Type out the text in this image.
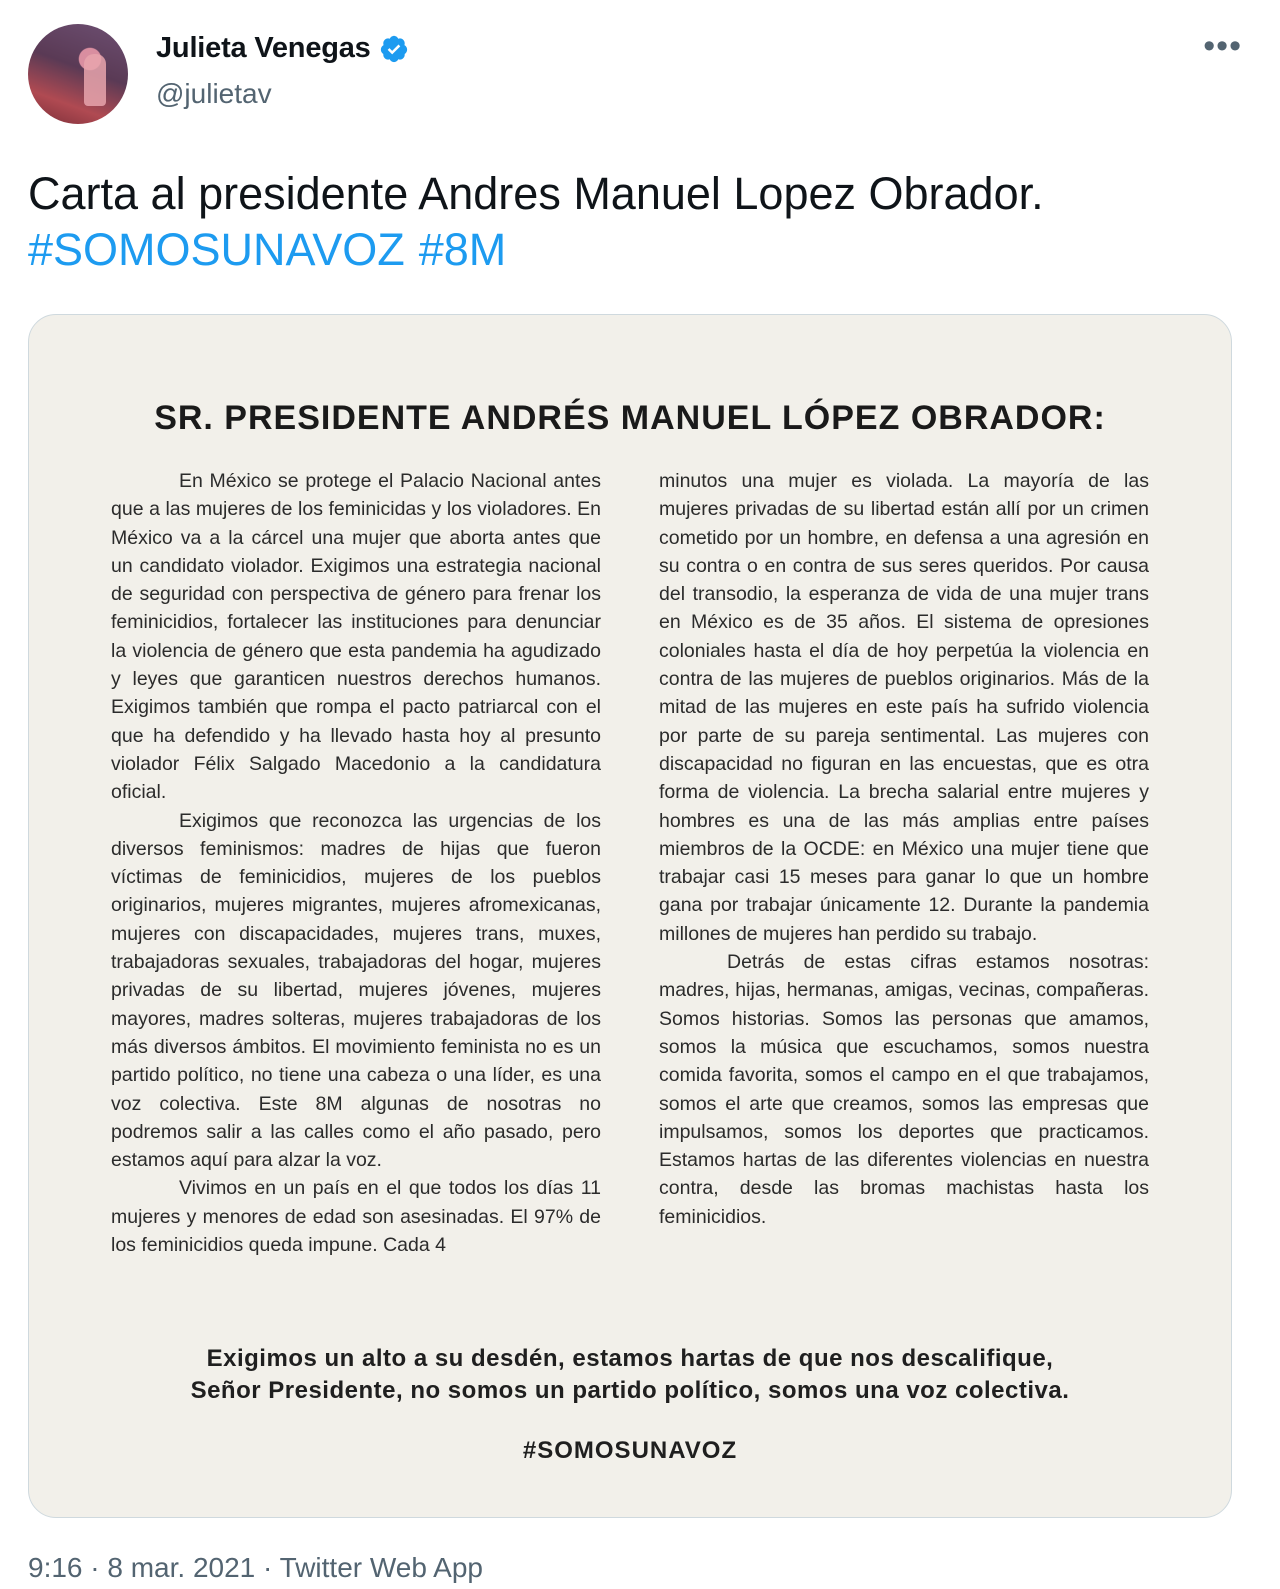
Julieta Venegas
@julietav
•••
Carta al presidente Andres Manuel Lopez Obrador.
#SOMOSUNAVOZ #8M
SR. PRESIDENTE ANDRÉS MANUEL LÓPEZ OBRADOR:

En México se protege el Palacio Nacional antes que a las mujeres de los feminicidas y los violadores. En México va a la cárcel una mujer que aborta antes que un candidato violador. Exigimos una estrategia nacional de seguridad con perspectiva de género para frenar los feminicidios, fortalecer las instituciones para denunciar la violencia de género que esta pandemia ha agudizado y leyes que garanticen nuestros derechos humanos. Exigimos también que rompa el pacto patriarcal con el que ha defendido y ha llevado hasta hoy al presunto violador Félix Salgado Macedonio a la candidatura oficial.

Exigimos que reconozca las urgencias de los diversos feminismos: madres de hijas que fueron víctimas de feminicidios, mujeres de los pueblos originarios, mujeres migrantes, mujeres afromexicanas, mujeres con discapacidades, mujeres trans, muxes, trabajadoras sexuales, trabajadoras del hogar, mujeres privadas de su libertad, mujeres jóvenes, mujeres mayores, madres solteras, mujeres trabajadoras de los más diversos ámbitos. El movimiento feminista no es un partido político, no tiene una cabeza o una líder, es una voz colectiva. Este 8M algunas de nosotras no podremos salir a las calles como el año pasado, pero estamos aquí para alzar la voz.

Vivimos en un país en el que todos los días 11 mujeres y menores de edad son asesinadas. El 97% de los feminicidios queda impune. Cada 4

minutos una mujer es violada. La mayoría de las mujeres privadas de su libertad están allí por un crimen cometido por un hombre, en defensa a una agresión en su contra o en contra de sus seres queridos. Por causa del transodio, la esperanza de vida de una mujer trans en México es de 35 años. El sistema de opresiones coloniales hasta el día de hoy perpetúa la violencia en contra de las mujeres de pueblos originarios. Más de la mitad de las mujeres en este país ha sufrido violencia por parte de su pareja sentimental. Las mujeres con discapacidad no figuran en las encuestas, que es otra forma de violencia. La brecha salarial entre mujeres y hombres es una de las más amplias entre países miembros de la OCDE: en México una mujer tiene que trabajar casi 15 meses para ganar lo que un hombre gana por trabajar únicamente 12. Durante la pandemia millones de mujeres han perdido su trabajo.

Detrás de estas cifras estamos nosotras: madres, hijas, hermanas, amigas, vecinas, compañeras. Somos historias. Somos las personas que amamos, somos la música que escuchamos, somos nuestra comida favorita, somos el campo en el que trabajamos, somos el arte que creamos, somos las empresas que impulsamos, somos los deportes que practicamos. Estamos hartas de las diferentes violencias en nuestra contra, desde las bromas machistas hasta los feminicidios.

Exigimos un alto a su desdén, estamos hartas de que nos descalifique,
Señor Presidente, no somos un partido político, somos una voz colectiva.
#SOMOSUNAVOZ
9:16 · 8 mar. 2021 · Twitter Web App
